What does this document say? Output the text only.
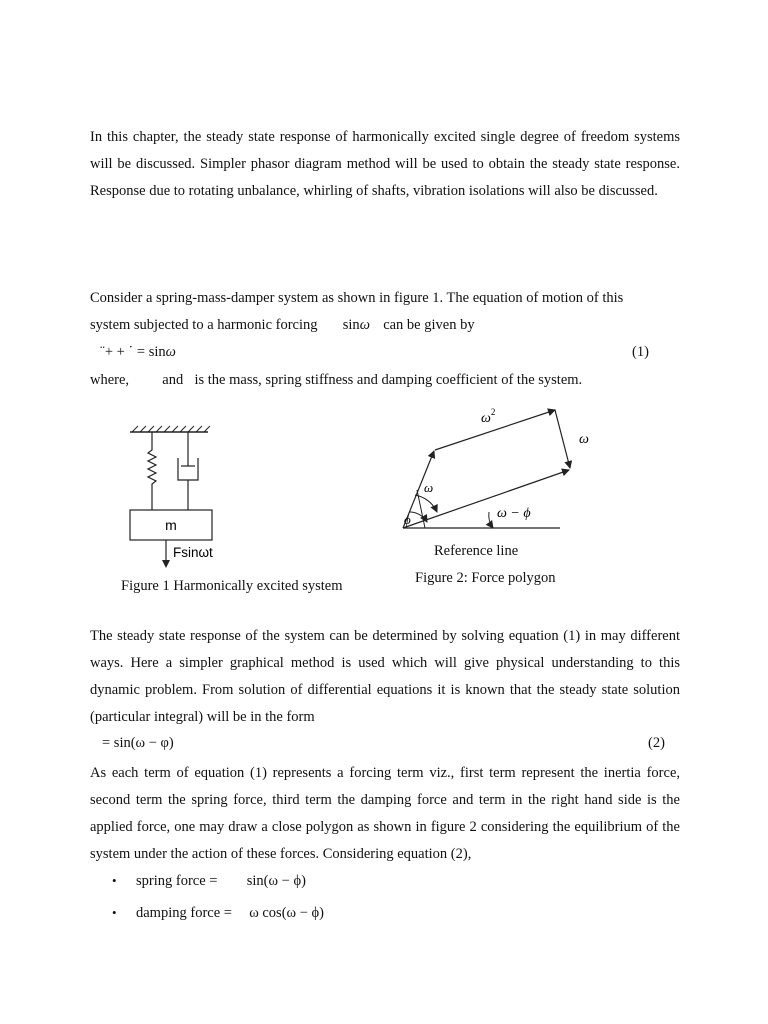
In this chapter, the steady state response of harmonically excited single degree of freedom systems will be discussed. Simpler phasor diagram method will be used to obtain the steady state response. Response due to rotating unbalance, whirling of shafts, vibration isolations will also be discussed.
Consider a spring-mass-damper system as shown in figure 1. The equation of motion of this
system subjected to a harmonic forcing sinω can be given by
¨+ + ˙ = sinω	(1)
where, and is the mass, spring stiffness and damping coefficient of the system.
m
Fsinωt
Figure 1 Harmonically excited system
$\omega^2$
ω
ω
ϕ	ω − ϕ
Reference line
Figure 2: Force polygon
The steady state response of the system can be determined by solving equation (1) in may different ways. Here a simpler graphical method is used which will give physical understanding to this dynamic problem. From solution of differential equations it is known that the steady state solution (particular integral) will be in the form
= sin(ω − φ)	(2)
As each term of equation (1) represents a forcing term viz., first term represent the inertia force, second term the spring force, third term the damping force and term in the right hand side is the applied force, one may draw a close polygon as shown in figure 2 considering the equilibrium of the system under the action of these forces. Considering equation (2),
• spring force = sin(ω − ϕ)
• damping force = ω cos(ω − ϕ)
